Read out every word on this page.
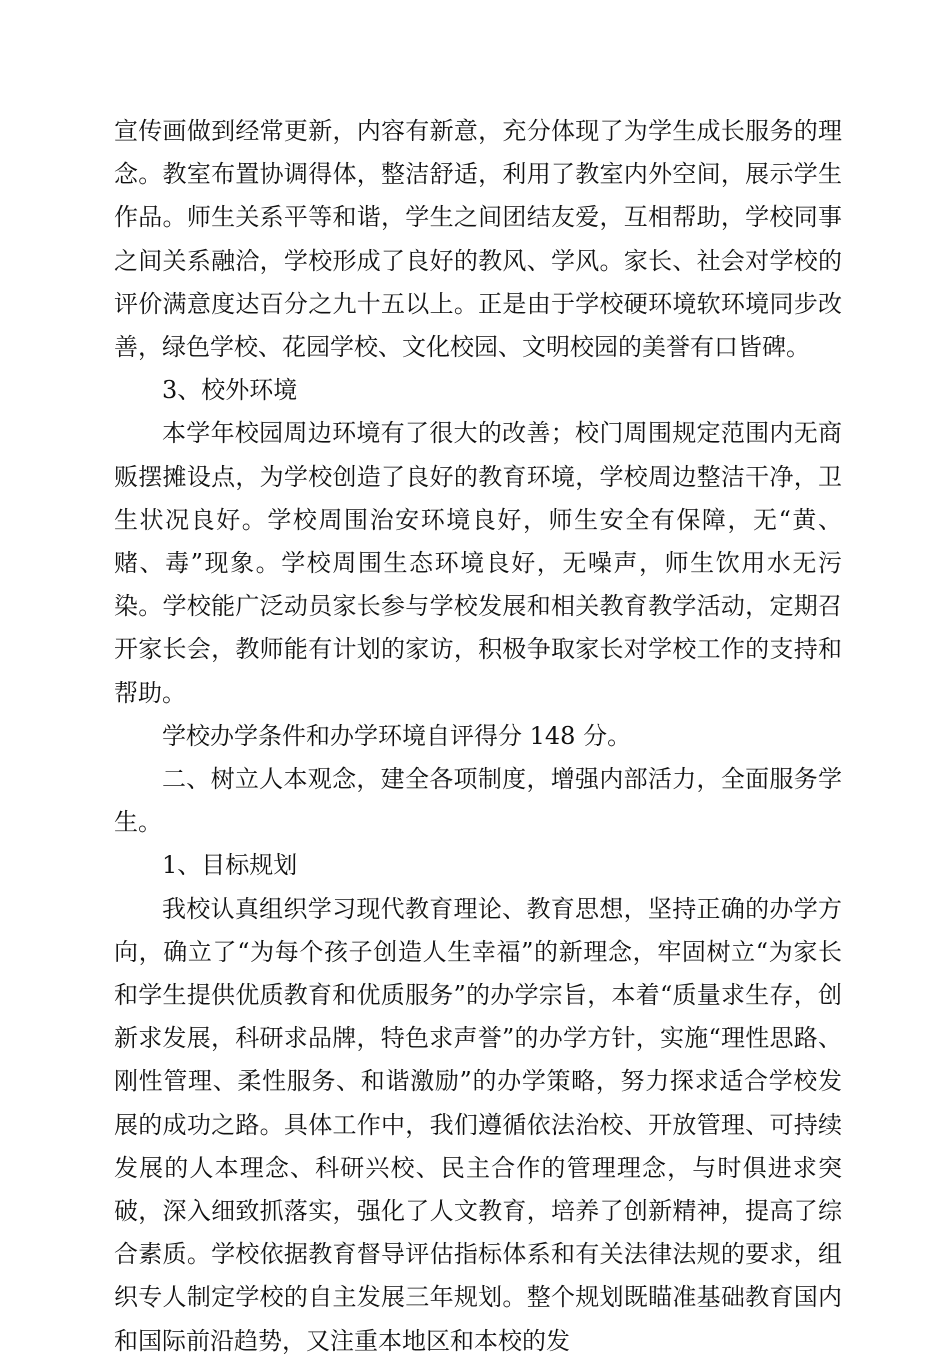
宣传画做到经常更新，内容有新意，充分体现了为学生成长服务的理念。教室布置协调得体，整洁舒适，利用了教室内外空间，展示学生作品。师生关系平等和谐，学生之间团结友爱，互相帮助，学校同事之间关系融洽，学校形成了良好的教风、学风。家长、社会对学校的评价满意度达百分之九十五以上。正是由于学校硬环境软环境同步改善，绿色学校、花园学校、文化校园、文明校园的美誉有口皆碑。

3、校外环境

本学年校园周边环境有了很大的改善；校门周围规定范围内无商贩摆摊设点，为学校创造了良好的教育环境，学校周边整洁干净，卫生状况良好。学校周围治安环境良好，师生安全有保障，无“黄、赌、毒”现象。学校周围生态环境良好，无噪声，师生饮用水无污染。学校能广泛动员家长参与学校发展和相关教育教学活动，定期召开家长会，教师能有计划的家访，积极争取家长对学校工作的支持和帮助。

学校办学条件和办学环境自评得分 148 分。

二、树立人本观念，建全各项制度，增强内部活力，全面服务学生。

1、目标规划

我校认真组织学习现代教育理论、教育思想，坚持正确的办学方向，确立了“为每个孩子创造人生幸福”的新理念，牢固树立“为家长和学生提供优质教育和优质服务”的办学宗旨，本着“质量求生存，创新求发展，科研求品牌，特色求声誉”的办学方针，实施“理性思路、刚性管理、柔性服务、和谐激励”的办学策略，努力探求适合学校发展的成功之路。具体工作中，我们遵循依法治校、开放管理、可持续发展的人本理念、科研兴校、民主合作的管理理念，与时俱进求突破，深入细致抓落实，强化了人文教育，培养了创新精神，提高了综合素质。学校依据教育督导评估指标体系和有关法律法规的要求，组织专人制定学校的自主发展三年规划。整个规划既瞄准基础教育国内和国际前沿趋势，又注重本地区和本校的发
